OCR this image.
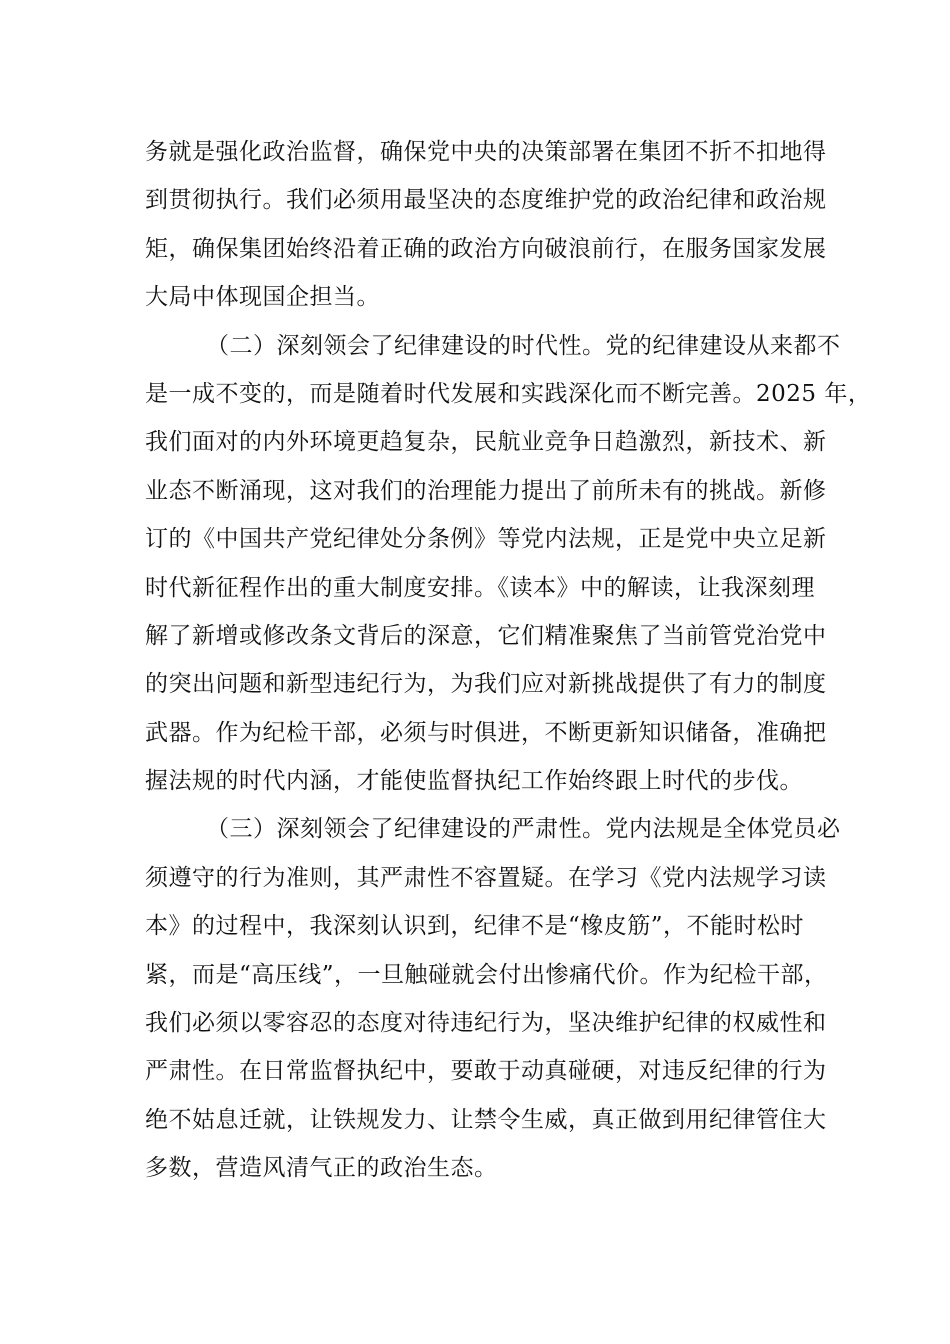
务就是强化政治监督，确保党中央的决策部署在集团不折不扣地得
到贯彻执行。我们必须用最坚决的态度维护党的政治纪律和政治规
矩，确保集团始终沿着正确的政治方向破浪前行，在服务国家发展
大局中体现国企担当。
（二）深刻领会了纪律建设的时代性。党的纪律建设从来都不
是一成不变的，而是随着时代发展和实践深化而不断完善。2025 年，
我们面对的内外环境更趋复杂，民航业竞争日趋激烈，新技术、新
业态不断涌现，这对我们的治理能力提出了前所未有的挑战。新修
订的《中国共产党纪律处分条例》等党内法规，正是党中央立足新
时代新征程作出的重大制度安排。《读本》中的解读，让我深刻理
解了新增或修改条文背后的深意，它们精准聚焦了当前管党治党中
的突出问题和新型违纪行为，为我们应对新挑战提供了有力的制度
武器。作为纪检干部，必须与时俱进，不断更新知识储备，准确把
握法规的时代内涵，才能使监督执纪工作始终跟上时代的步伐。
（三）深刻领会了纪律建设的严肃性。党内法规是全体党员必
须遵守的行为准则，其严肃性不容置疑。在学习《党内法规学习读
本》的过程中，我深刻认识到，纪律不是“橡皮筋”，不能时松时
紧，而是“高压线”，一旦触碰就会付出惨痛代价。作为纪检干部，
我们必须以零容忍的态度对待违纪行为，坚决维护纪律的权威性和
严肃性。在日常监督执纪中，要敢于动真碰硬，对违反纪律的行为
绝不姑息迁就，让铁规发力、让禁令生威，真正做到用纪律管住大
多数，营造风清气正的政治生态。
